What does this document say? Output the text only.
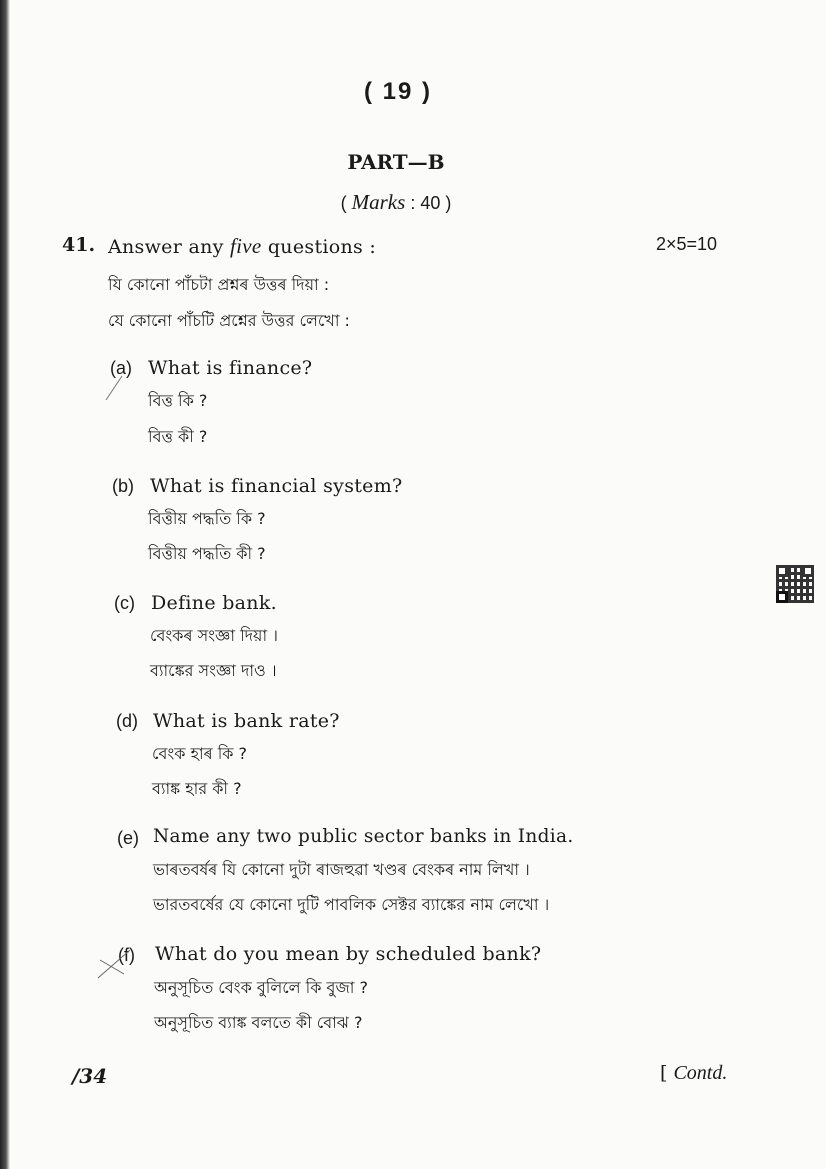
( 19 )
PART—B
( Marks : 40 )
41. Answer any five questions :	2×5=10
যি কোনো পাঁচটা প্ৰশ্নৰ উত্তৰ দিয়া :
যে কোনো পাঁচটি প্রশ্নের উত্তর লেখো :
(a) What is finance?
বিত্ত কি ?
বিত্ত কী ?
(b) What is financial system?
বিত্তীয় পদ্ধতি কি ?
বিত্তীয় পদ্ধতি কী ?
(c) Define bank.
বেংকৰ সংজ্ঞা দিয়া ।
ব্যাঙ্কের সংজ্ঞা দাও ।
(d) What is bank rate?
বেংক হাৰ কি ?
ব্যাঙ্ক হার কী ?
(e) Name any two public sector banks in India.
ভাৰতবৰ্ষৰ যি কোনো দুটা ৰাজহুৱা খণ্ডৰ বেংকৰ নাম লিখা ।
ভারতবর্ষের যে কোনো দুটি পাবলিক সেক্টর ব্যাঙ্কের নাম লেখো ।
(f) What do you mean by scheduled bank?
অনুসূচিত বেংক বুলিলে কি বুজা ?
অনুসূচিত ব্যাঙ্ক বলতে কী বোঝ ?
/34	[ Contd.
